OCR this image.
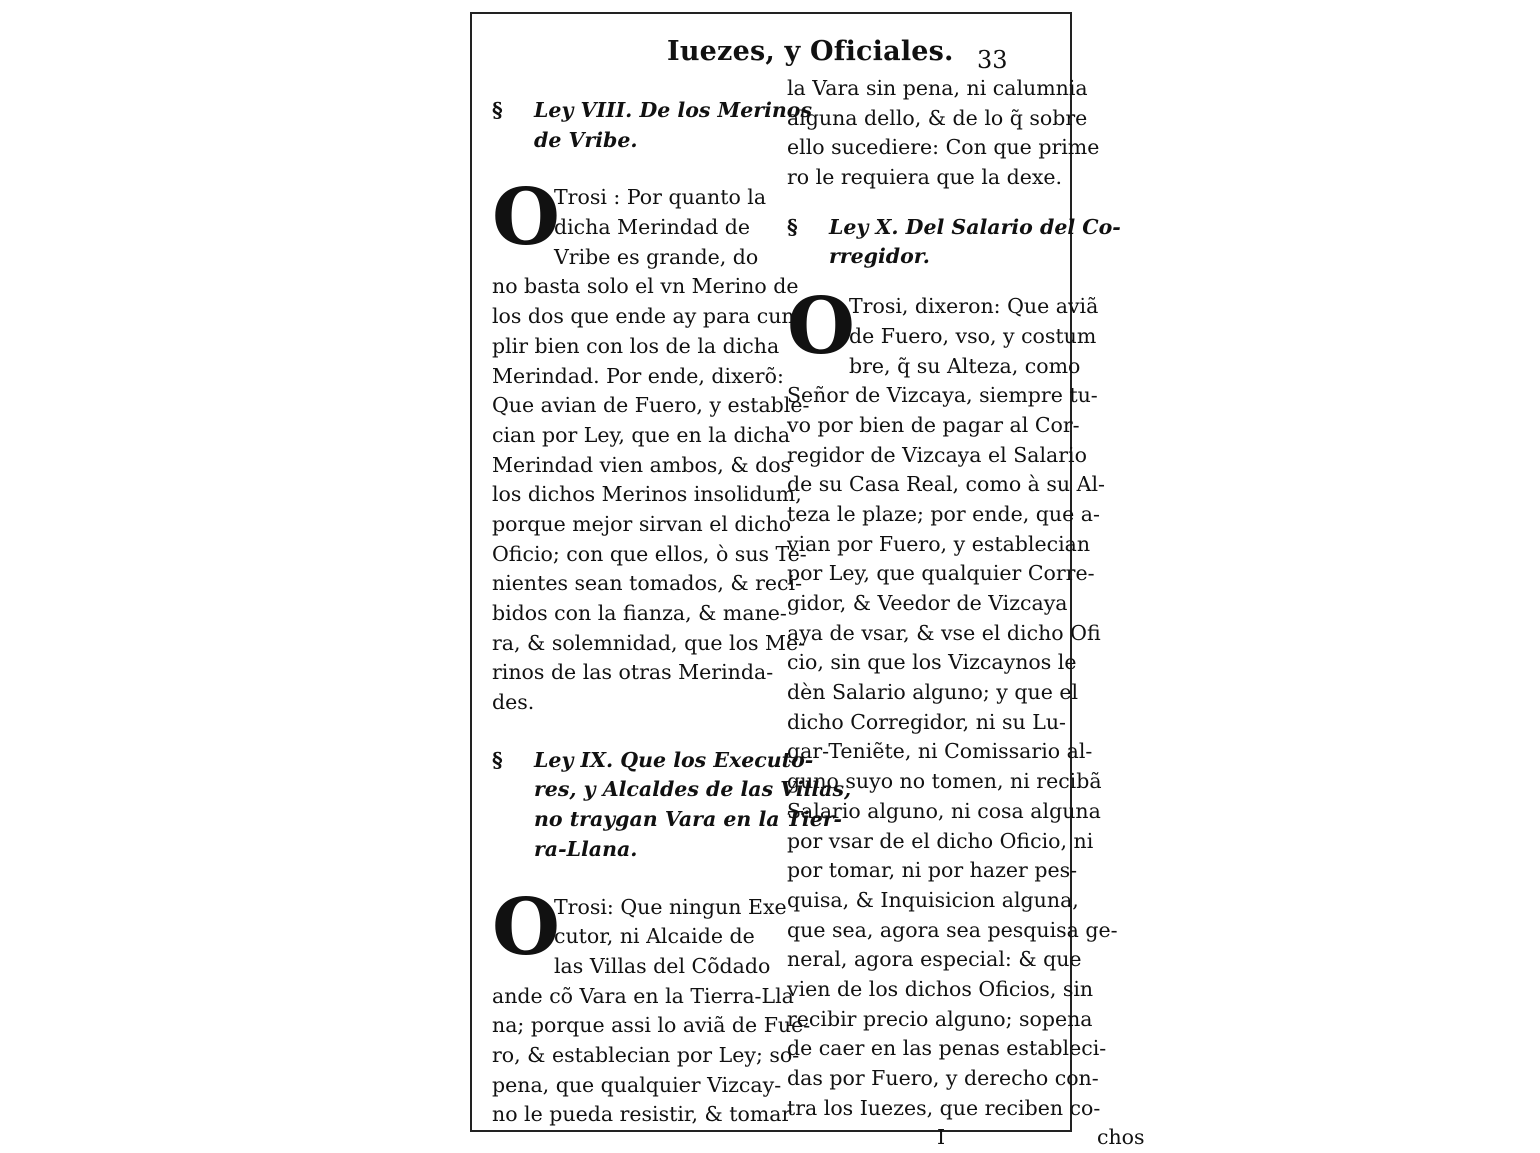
Iuezes, y Oficiales. 33
§ Ley VIII. De los Merinos
de Vribe.
O
Trosi : Por quanto la
dicha Merindad de
Vribe es grande, do
no basta solo el vn Merino de
los dos que ende ay para cum
plir bien con los de la dicha
Merindad. Por ende, dixerõ:
Que avian de Fuero, y estable-
cian por Ley, que en la dicha
Merindad vien ambos, & dos
los dichos Merinos insolidum,
porque mejor sirvan el dicho
Oficio; con que ellos, ò sus Te-
nientes sean tomados, & reci-
bidos con la fianza, & mane-
ra, & solemnidad, que los Me-
rinos de las otras Merinda-
des.
§ Ley IX. Que los Executo-
res, y Alcaldes de las Villas,
no traygan Vara en la Tier-
ra-Llana.
O
Trosi: Que ningun Exe
cutor, ni Alcaide de
las Villas del Cõdado
ande cõ Vara en la Tierra-Lla
na; porque assi lo aviã de Fue-
ro, & establecian por Ley; so-
pena, que qualquier Vizcay-
no le pueda resistir, & tomar
la Vara sin pena, ni calumnia
alguna dello, & de lo q̃ sobre
ello sucediere: Con que prime
ro le requiera que la dexe.
§ Ley X. Del Salario del Co-
rregidor.
O
Trosi, dixeron: Que aviã
de Fuero, vso, y costum
bre, q̃ su Alteza, como
Señor de Vizcaya, siempre tu-
vo por bien de pagar al Cor-
regidor de Vizcaya el Salario
de su Casa Real, como à su Al-
teza le plaze; por ende, que a-
vian por Fuero, y establecian
por Ley, que qualquier Corre-
gidor, & Veedor de Vizcaya
aya de vsar, & vse el dicho Ofi
cio, sin que los Vizcaynos le
dèn Salario alguno; y que el
dicho Corregidor, ni su Lu-
gar-Teniẽte, ni Comissario al-
guno suyo no tomen, ni recibã
Salario alguno, ni cosa alguna
por vsar de el dicho Oficio, ni
por tomar, ni por hazer pes-
quisa, & Inquisicion alguna,
que sea, agora sea pesquisa ge-
neral, agora especial: & que
vien de los dichos Oficios, sin
recibir precio alguno; sopena
de caer en las penas estableci-
das por Fuero, y derecho con-
tra los Iuezes, que reciben co-
I	chos
